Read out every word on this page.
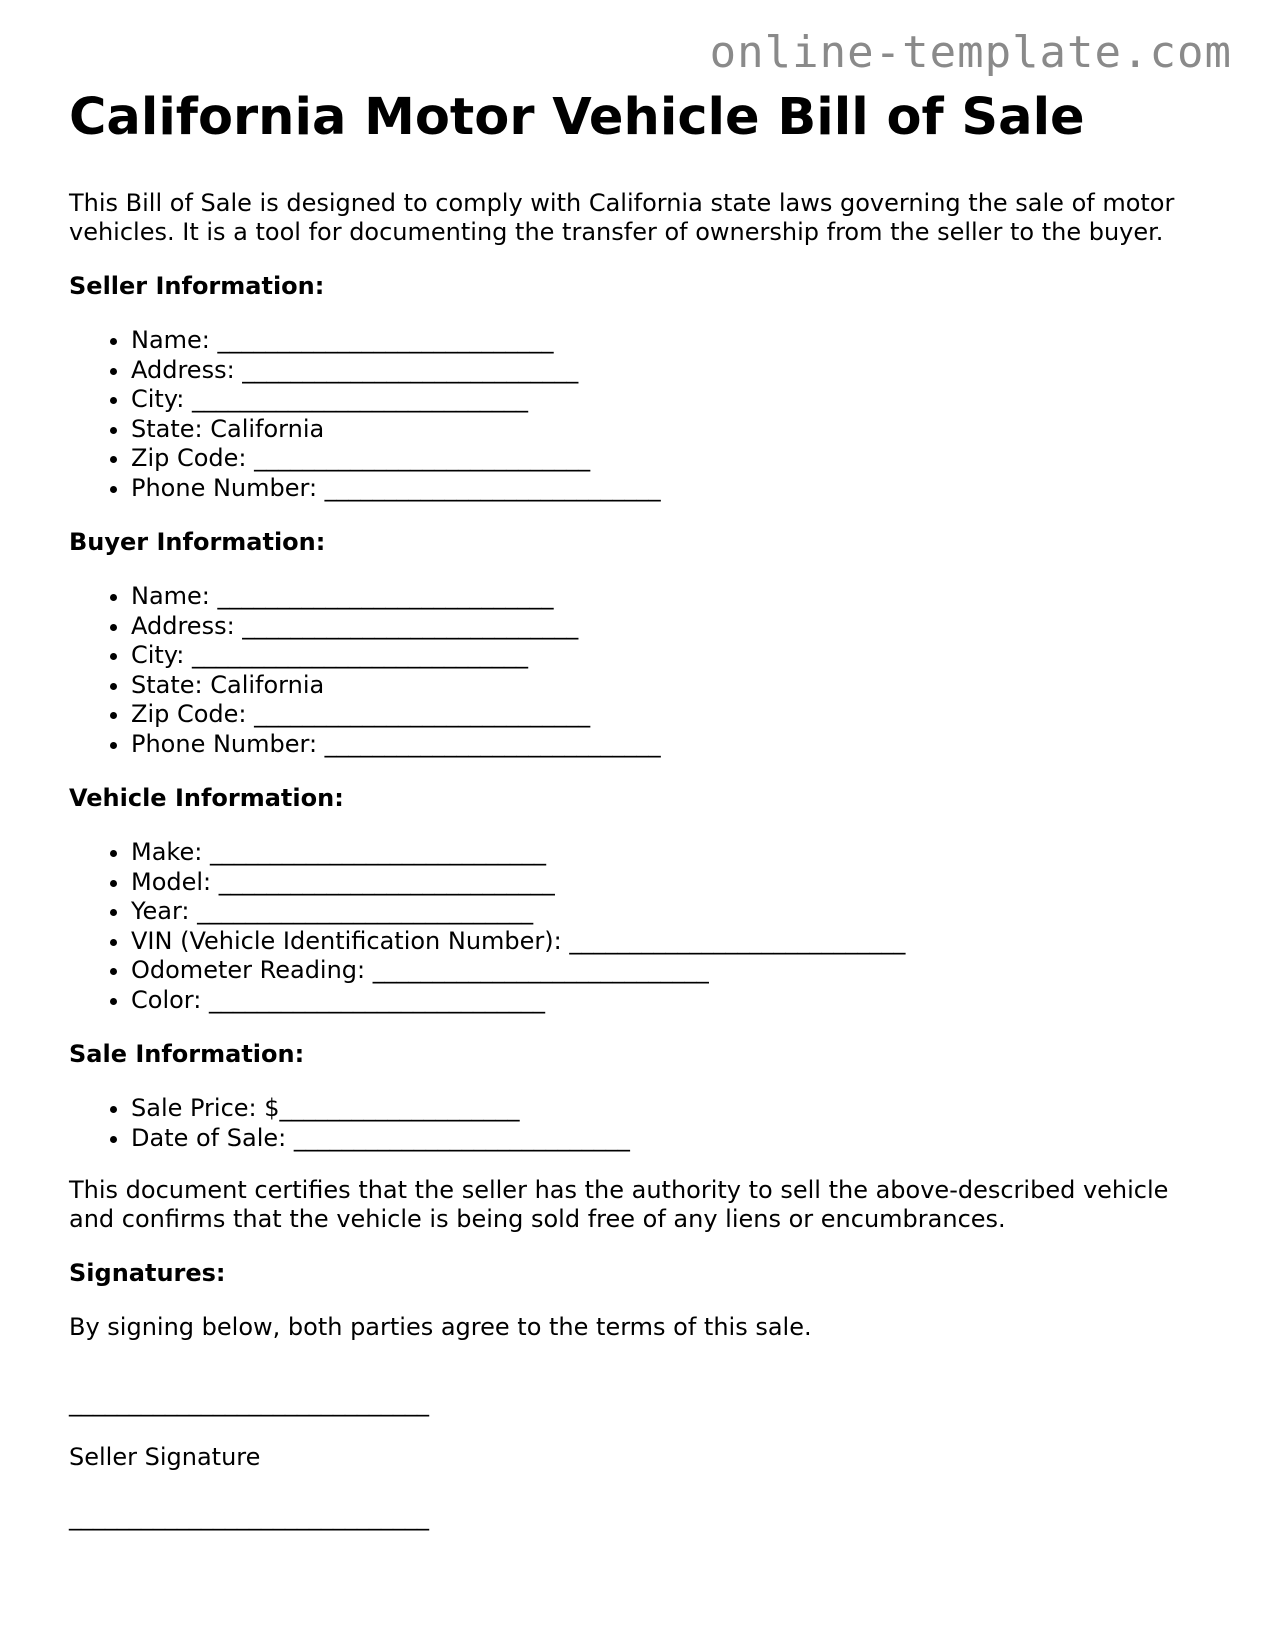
online-template.com

California Motor Vehicle Bill of Sale

This Bill of Sale is designed to comply with California state laws governing the sale of motor vehicles. It is a tool for documenting the transfer of ownership from the seller to the buyer.

Seller Information:
• Name: ____________________________
• Address: ____________________________
• City: ____________________________
• State: California
• Zip Code: ____________________________
• Phone Number: ____________________________
Buyer Information:
• Name: ____________________________
• Address: ____________________________
• City: ____________________________
• State: California
• Zip Code: ____________________________
• Phone Number: ____________________________
Vehicle Information:
• Make: ____________________________
• Model: ____________________________
• Year: ____________________________
• VIN (Vehicle Identification Number): ____________________________
• Odometer Reading: ____________________________
• Color: ____________________________
Sale Information:
• Sale Price: $____________________
• Date of Sale: ____________________________

This document certifies that the seller has the authority to sell the above-described vehicle and confirms that the vehicle is being sold free of any liens or encumbrances.

Signatures:

By signing below, both parties agree to the terms of this sale.

______________________________

Seller Signature

______________________________
